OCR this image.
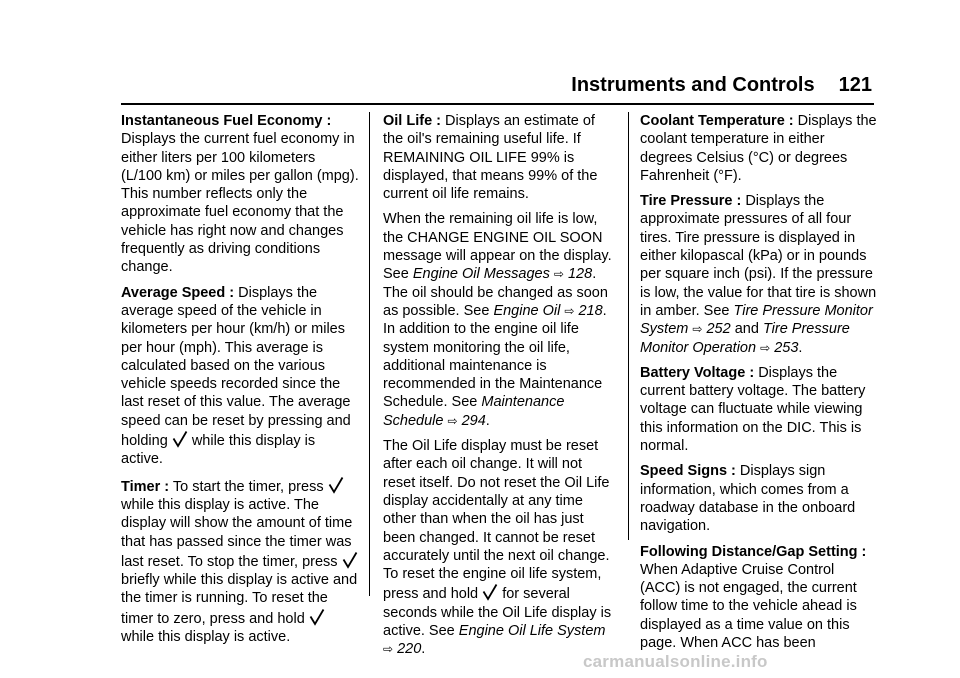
Instruments and Controls 121

Instantaneous Fuel Economy : Displays the current fuel economy in either liters per 100 kilometers (L/100 km) or miles per gallon (mpg). This number reflects only the approximate fuel economy that the vehicle has right now and changes frequently as driving conditions change.

Average Speed : Displays the average speed of the vehicle in kilometers per hour (km/h) or miles per hour (mph). This average is calculated based on the various vehicle speeds recorded since the last reset of this value. The average speed can be reset by pressing and holding while this display is active.

Timer : To start the timer, press  while this display is active. The display will show the amount of time that has passed since the timer was last reset. To stop the timer, press  briefly while this display is active and the timer is running. To reset the timer to zero, press and hold  while this display is active.

Oil Life : Displays an estimate of the oil's remaining useful life. If REMAINING OIL LIFE 99% is displayed, that means 99% of the current oil life remains.

When the remaining oil life is low, the CHANGE ENGINE OIL SOON message will appear on the display. See Engine Oil Messages ⇨ 128. The oil should be changed as soon as possible. See Engine Oil ⇨ 218. In addition to the engine oil life system monitoring the oil life, additional maintenance is recommended in the Maintenance Schedule. See Maintenance Schedule ⇨ 294.

The Oil Life display must be reset after each oil change. It will not reset itself. Do not reset the Oil Life display accidentally at any time other than when the oil has just been changed. It cannot be reset accurately until the next oil change. To reset the engine oil life system, press and hold for several seconds while the Oil Life display is active. See Engine Oil Life System ⇨ 220.

Coolant Temperature : Displays the coolant temperature in either degrees Celsius (°C) or degrees Fahrenheit (°F).

Tire Pressure : Displays the approximate pressures of all four tires. Tire pressure is displayed in either kilopascal (kPa) or in pounds per square inch (psi). If the pressure is low, the value for that tire is shown in amber. See Tire Pressure Monitor System ⇨ 252 and Tire Pressure Monitor Operation ⇨ 253.

Battery Voltage : Displays the current battery voltage. The battery voltage can fluctuate while viewing this information on the DIC. This is normal.

Speed Signs : Displays sign information, which comes from a roadway database in the onboard navigation.

Following Distance/Gap Setting : When Adaptive Cruise Control (ACC) is not engaged, the current follow time to the vehicle ahead is displayed as a time value on this page. When ACC has been

carmanualsonline.info
